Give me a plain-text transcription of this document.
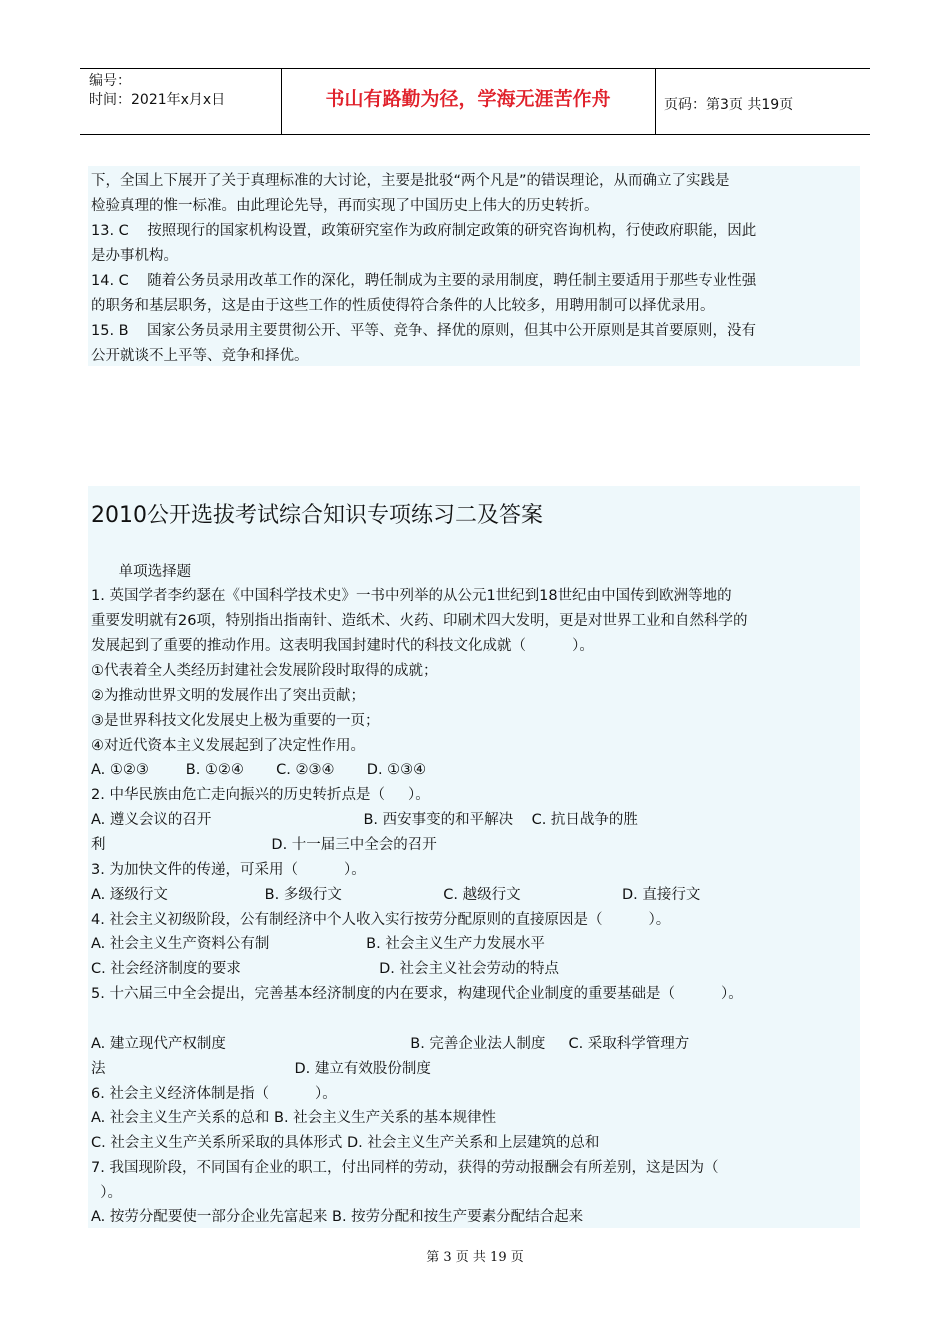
编号：
时间：2021年x月x日	书山有路勤为径，学海无涯苦作舟	页码：第3页 共19页
下，全国上下展开了关于真理标准的大讨论，主要是批驳“两个凡是”的错误理论，从而确立了实践是
检验真理的惟一标准。由此理论先导，再而实现了中国历史上伟大的历史转折。
13. C    按照现行的国家机构设置，政策研究室作为政府制定政策的研究咨询机构，行使政府职能，因此
是办事机构。
14. C    随着公务员录用改革工作的深化，聘任制成为主要的录用制度，聘任制主要适用于那些专业性强
的职务和基层职务，这是由于这些工作的性质使得符合条件的人比较多，用聘用制可以择优录用。
15. B    国家公务员录用主要贯彻公开、平等、竞争、择优的原则，但其中公开原则是其首要原则，没有
公开就谈不上平等、竞争和择优。
2010公开选拔考试综合知识专项练习二及答案
单项选择题
1. 英国学者李约瑟在《中国科学技术史》一书中列举的从公元1世纪到18世纪由中国传到欧洲等地的
重要发明就有26项，特别指出指南针、造纸术、火药、印刷术四大发明，更是对世界工业和自然科学的
发展起到了重要的推动作用。这表明我国封建时代的科技文化成就（          ）。
①代表着全人类经历封建社会发展阶段时取得的成就；
②为推动世界文明的发展作出了突出贡献；
③是世界科技文化发展史上极为重要的一页；
④对近代资本主义发展起到了决定性作用。
A. ①②③        B. ①②④       C. ②③④       D. ①③④
2. 中华民族由危亡走向振兴的历史转折点是（     ）。
A. 遵义会议的召开                                 B. 西安事变的和平解决    C. 抗日战争的胜
利                                    D. 十一届三中全会的召开
3. 为加快文件的传递，可采用（          ）。
A. 逐级行文                     B. 多级行文                      C. 越级行文                      D. 直接行文
4. 社会主义初级阶段，公有制经济中个人收入实行按劳分配原则的直接原因是（          ）。
A. 社会主义生产资料公有制                     B. 社会主义生产力发展水平
C. 社会经济制度的要求                              D. 社会主义社会劳动的特点
5. 十六届三中全会提出，完善基本经济制度的内在要求，构建现代企业制度的重要基础是（          ）。
A. 建立现代产权制度                                        B. 完善企业法人制度     C. 采取科学管理方
法                                         D. 建立有效股份制度
6. 社会主义经济体制是指（          ）。
A. 社会主义生产关系的总和 B. 社会主义生产关系的基本规律性
C. 社会主义生产关系所采取的具体形式 D. 社会主义生产关系和上层建筑的总和
7. 我国现阶段，不同国有企业的职工，付出同样的劳动，获得的劳动报酬会有所差别，这是因为（
）。
A. 按劳分配要使一部分企业先富起来 B. 按劳分配和按生产要素分配结合起来
第 3 页 共 19 页
